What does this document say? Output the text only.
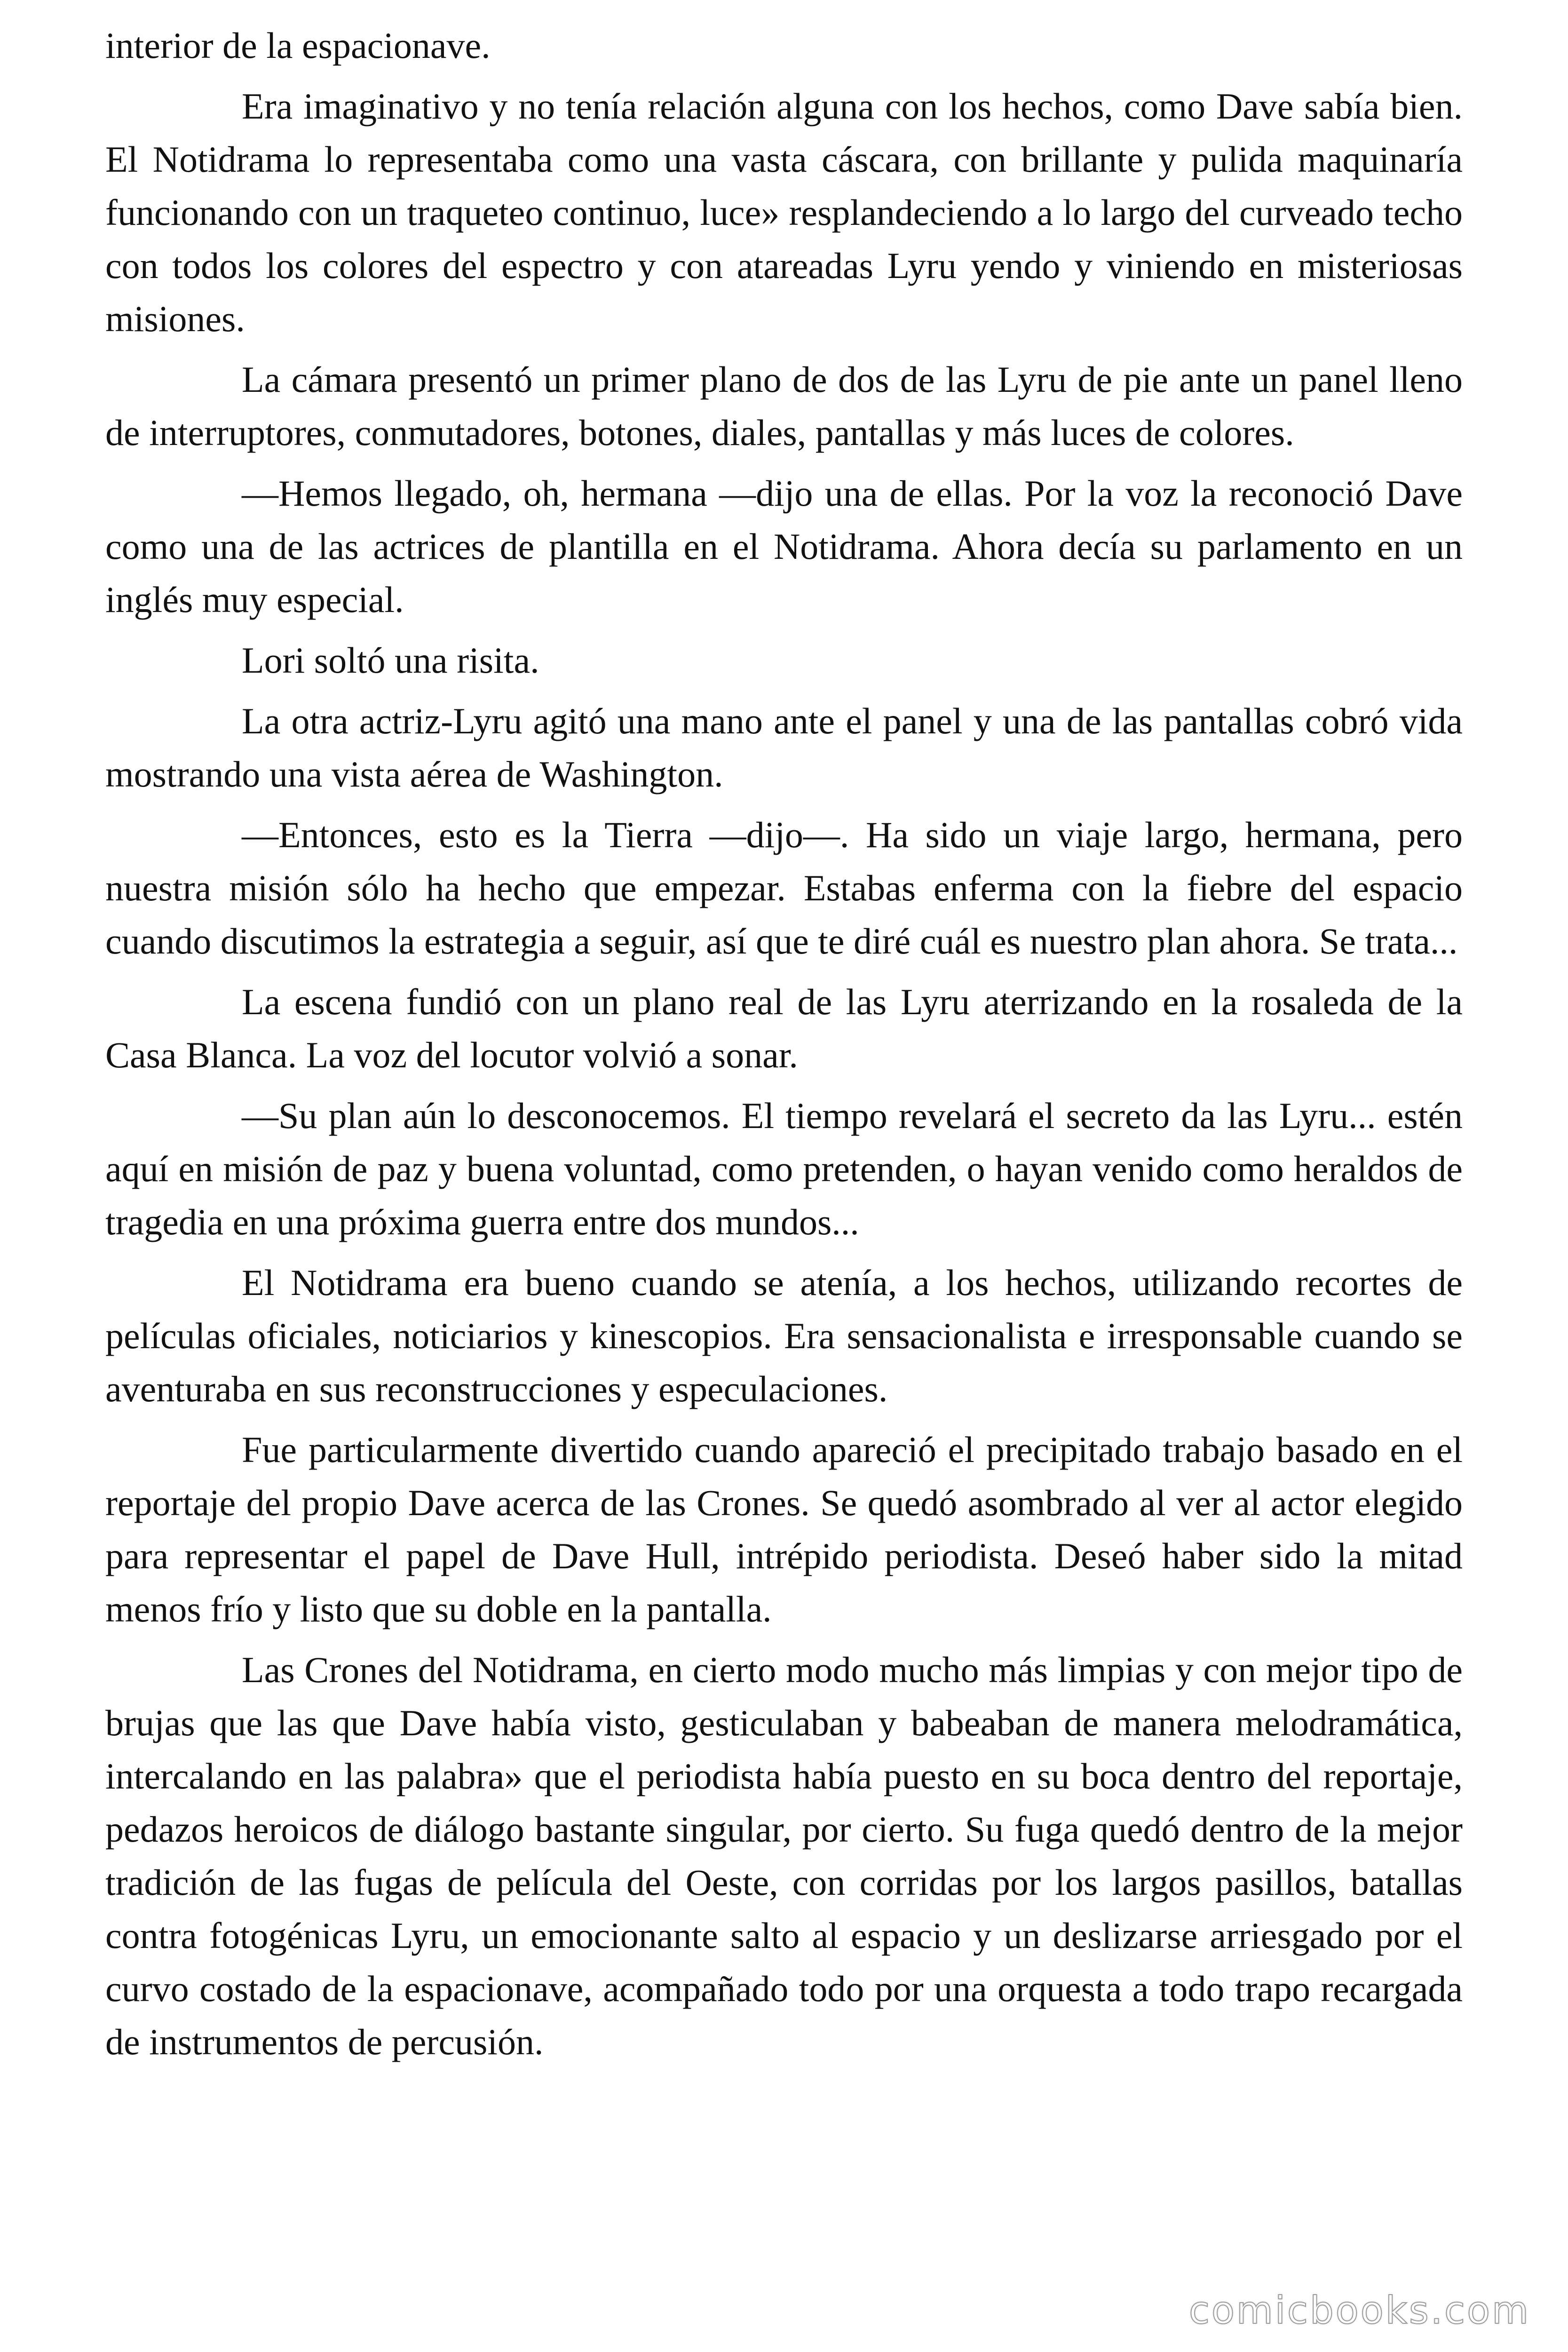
interior de la espacionave.

Era imaginativo y no tenía relación alguna con los hechos, como Dave sabía bien. El Notidrama lo representaba como una vasta cáscara, con brillante y pulida maquinaría funcionando con un traqueteo continuo, luce» resplandeciendo a lo largo del curveado techo con todos los colores del espectro y con atareadas Lyru yendo y viniendo en misteriosas misiones.

La cámara presentó un primer plano de dos de las Lyru de pie ante un panel lleno de interruptores, conmutadores, botones, diales, pantallas y más luces de colores.

—Hemos llegado, oh, hermana —dijo una de ellas. Por la voz la reconoció Dave como una de las actrices de plantilla en el Notidrama. Ahora decía su parlamento en un inglés muy especial.

Lori soltó una risita.

La otra actriz-Lyru agitó una mano ante el panel y una de las pantallas cobró vida mostrando una vista aérea de Washington.

—Entonces, esto es la Tierra —dijo—. Ha sido un viaje largo, hermana, pero nuestra misión sólo ha hecho que empezar. Estabas enferma con la fiebre del espacio cuando discutimos la estrategia a seguir, así que te diré cuál es nuestro plan ahora. Se trata...

La escena fundió con un plano real de las Lyru aterrizando en la rosaleda de la Casa Blanca. La voz del locutor volvió a sonar.

—Su plan aún lo desconocemos. El tiempo revelará el secreto da las Lyru... estén aquí en misión de paz y buena voluntad, como pretenden, o hayan venido como heraldos de tragedia en una próxima guerra entre dos mundos...

El Notidrama era bueno cuando se atenía, a los hechos, utilizando recortes de películas oficiales, noticiarios y kinescopios. Era sensacionalista e irresponsable cuando se aventuraba en sus reconstrucciones y especulaciones.

Fue particularmente divertido cuando apareció el precipitado trabajo basado en el reportaje del propio Dave acerca de las Crones. Se quedó asombrado al ver al actor elegido para representar el papel de Dave Hull, intrépido periodista. Deseó haber sido la mitad menos frío y listo que su doble en la pantalla.

Las Crones del Notidrama, en cierto modo mucho más limpias y con mejor tipo de brujas que las que Dave había visto, gesticulaban y babeaban de manera melodramática, intercalando en las palabra» que el periodista había puesto en su boca dentro del reportaje, pedazos heroicos de diálogo bastante singular, por cierto. Su fuga quedó dentro de la mejor tradición de las fugas de película del Oeste, con corridas por los largos pasillos, batallas contra fotogénicas Lyru, un emocionante salto al espacio y un deslizarse arriesgado por el curvo costado de la espacionave, acompañado todo por una orquesta a todo trapo recargada de instrumentos de percusión.

comicbooks.com
